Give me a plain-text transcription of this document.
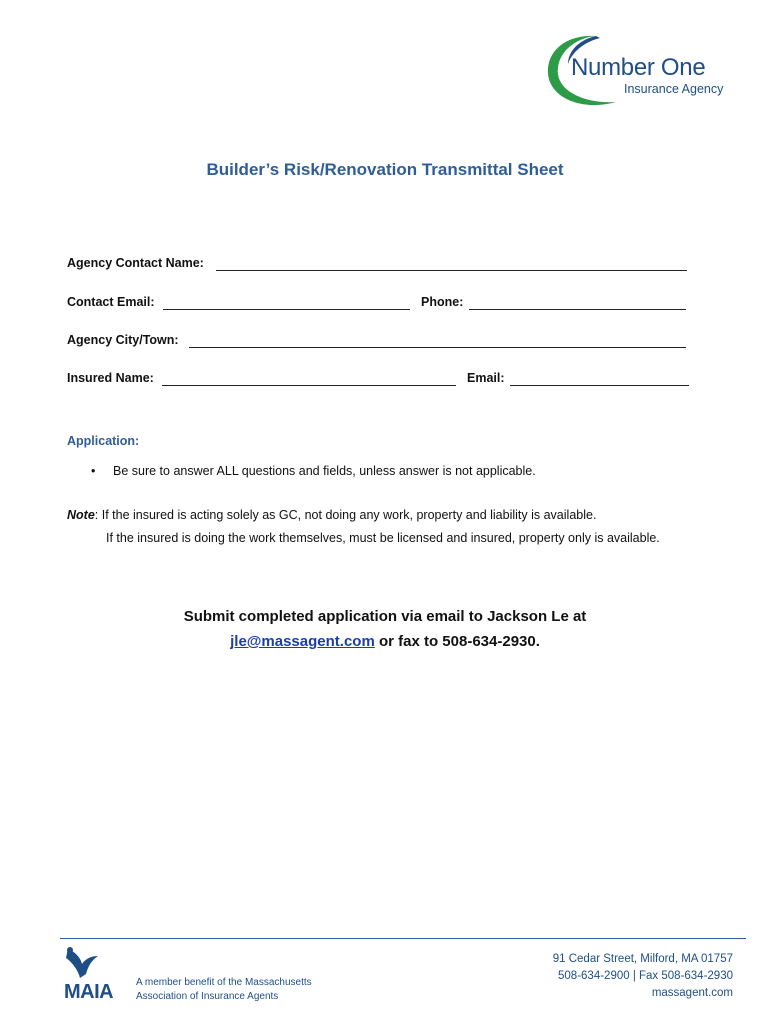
Number One
Insurance Agency
Builder’s Risk/Renovation Transmittal Sheet
Agency Contact Name:
Contact Email:	Phone:
Agency City/Town:
Insured Name:	Email:
Application:
• Be sure to answer ALL questions and fields, unless answer is not applicable.
Note: If the insured is acting solely as GC, not doing any work, property and liability is available.
If the insured is doing the work themselves, must be licensed and insured, property only is available.
Submit completed application via email to Jackson Le at
jle@massagent.com or fax to 508-634-2930.
MAIA A member benefit of the Massachusetts
Association of Insurance Agents
91 Cedar Street, Milford, MA 01757
508-634-2900 | Fax 508-634-2930
massagent.com
